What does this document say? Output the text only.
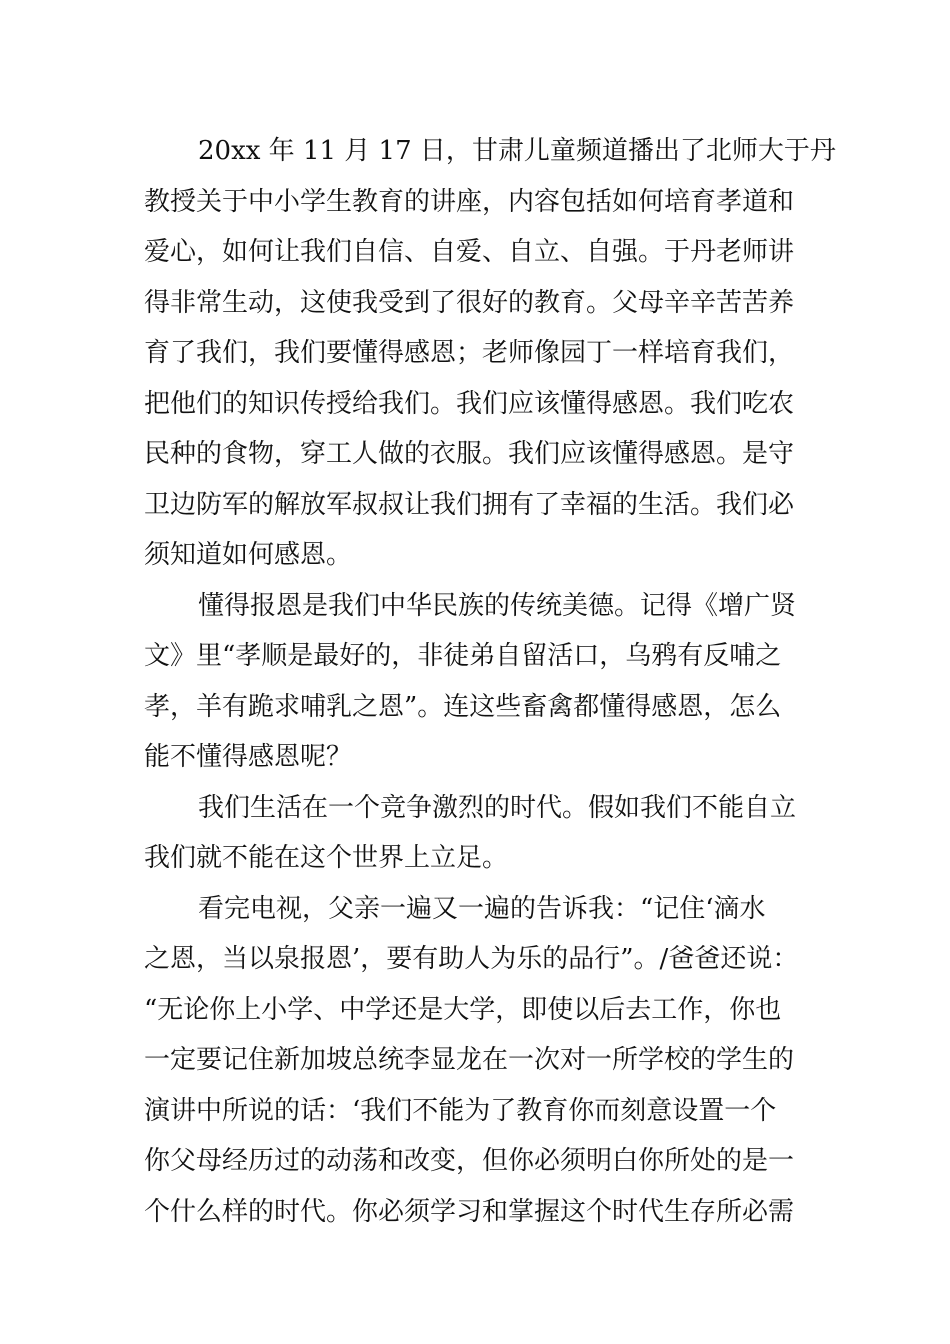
20xx 年 11 月 17 日，甘肃儿童频道播出了北师大于丹
教授关于中小学生教育的讲座，内容包括如何培育孝道和
爱心，如何让我们自信、自爱、自立、自强。于丹老师讲
得非常生动，这使我受到了很好的教育。父母辛辛苦苦养
育了我们，我们要懂得感恩；老师像园丁一样培育我们，
把他们的知识传授给我们。我们应该懂得感恩。我们吃农
民种的食物，穿工人做的衣服。我们应该懂得感恩。是守
卫边防军的解放军叔叔让我们拥有了幸福的生活。我们必
须知道如何感恩。
懂得报恩是我们中华民族的传统美德。记得《增广贤
文》里“孝顺是最好的，非徒弟自留活口，乌鸦有反哺之
孝，羊有跪求哺乳之恩”。连这些畜禽都懂得感恩，怎么
能不懂得感恩呢？
我们生活在一个竞争激烈的时代。假如我们不能自立
我们就不能在这个世界上立足。
看完电视，父亲一遍又一遍的告诉我：“记住‘滴水
之恩，当以泉报恩’，要有助人为乐的品行”。/爸爸还说：
“无论你上小学、中学还是大学，即使以后去工作，你也
一定要记住新加坡总统李显龙在一次对一所学校的学生的
演讲中所说的话：‘我们不能为了教育你而刻意设置一个
你父母经历过的动荡和改变，但你必须明白你所处的是一
个什么样的时代。你必须学习和掌握这个时代生存所必需
